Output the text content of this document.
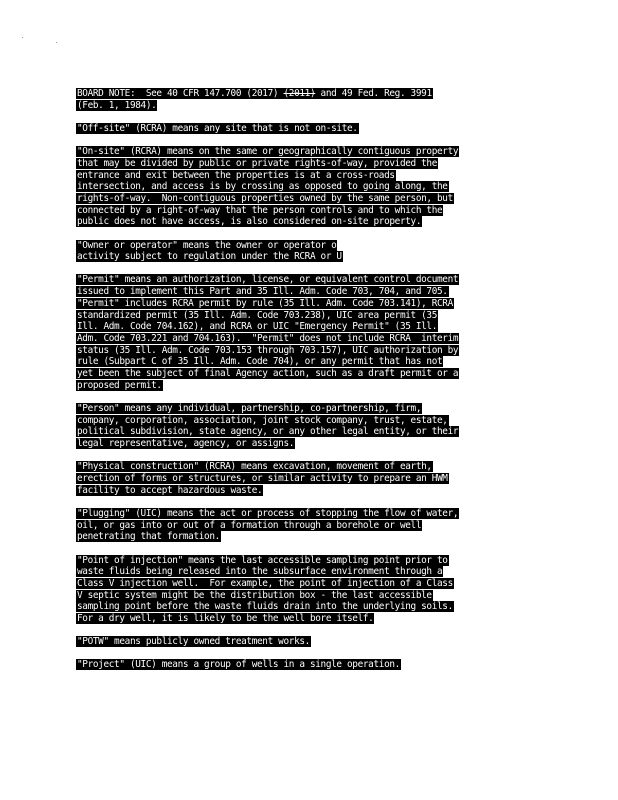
BOARD NOTE:  See 40 CFR 147.700 (2017) (2011) and 49 Fed. Reg. 3991
(Feb. 1, 1984).
"Off-site" (RCRA) means any site that is not on-site.
"On-site" (RCRA) means on the same or geographically contiguous property
that may be divided by public or private rights-of-way, provided the
entrance and exit between the properties is at a cross-roads
intersection, and access is by crossing as opposed to going along, the
rights-of-way.  Non-contiguous properties owned by the same person, but
connected by a right-of-way that the person controls and to which the
public does not have access, is also considered on-site property.
"Owner or operator" means the owner or operator o
activity subject to regulation under the RCRA or U
"Permit" means an authorization, license, or equivalent control document
issued to implement this Part and 35 Ill. Adm. Code 703, 704, and 705.
"Permit" includes RCRA permit by rule (35 Ill. Adm. Code 703.141), RCRA
standardized permit (35 Ill. Adm. Code 703.238), UIC area permit (35
Ill. Adm. Code 704.162), and RCRA or UIC "Emergency Permit" (35 Ill.
Adm. Code 703.221 and 704.163).  "Permit" does not include RCRA  interim
status (35 Ill. Adm. Code 703.153 through 703.157), UIC authorization by
rule (Subpart C of 35 Ill. Adm. Code 704), or any permit that has not
yet been the subject of final Agency action, such as a draft permit or a
proposed permit.
"Person" means any individual, partnership, co-partnership, firm,
company, corporation, association, joint stock company, trust, estate,
political subdivision, state agency, or any other legal entity, or their
legal representative, agency, or assigns.
"Physical construction" (RCRA) means excavation, movement of earth,
erection of forms or structures, or similar activity to prepare an HWM
facility to accept hazardous waste.
"Plugging" (UIC) means the act or process of stopping the flow of water,
oil, or gas into or out of a formation through a borehole or well
penetrating that formation.
"Point of injection" means the last accessible sampling point prior to
waste fluids being released into the subsurface environment through a
Class V injection well.  For example, the point of injection of a Class
V septic system might be the distribution box - the last accessible
sampling point before the waste fluids drain into the underlying soils.
For a dry well, it is likely to be the well bore itself.
"POTW" means publicly owned treatment works.
"Project" (UIC) means a group of wells in a single operation.
